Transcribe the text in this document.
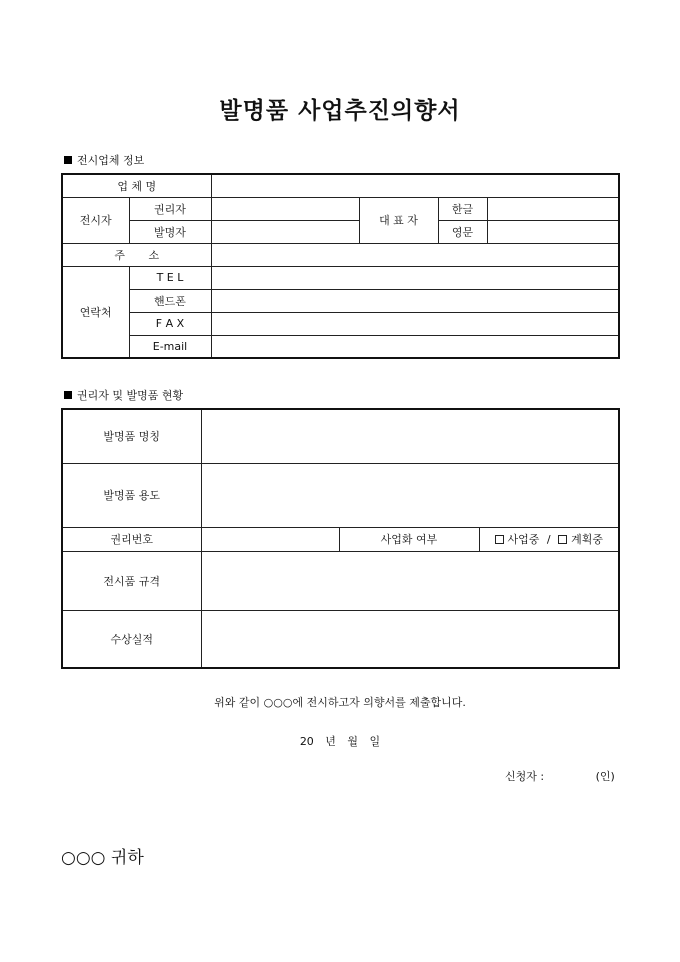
발명품 사업추진의향서
전시업체 정보
업 체 명					
전시자	권리자		대 표 자	한글	
	발명자			영문	
주 소					
연락처	T E L				
	핸드폰				
	F A X				
	E-mail				
권리자 및 발명품 현황
발명품 명칭			
발명품 용도			
권리번호		사업화 여부	사업중 / 계획중
전시품 규격			
수상실적			
위와 같이 ○○○에 전시하고자 의향서를 제출합니다.
20 년 월 일
신청자 :	(인)
○○○ 귀하
